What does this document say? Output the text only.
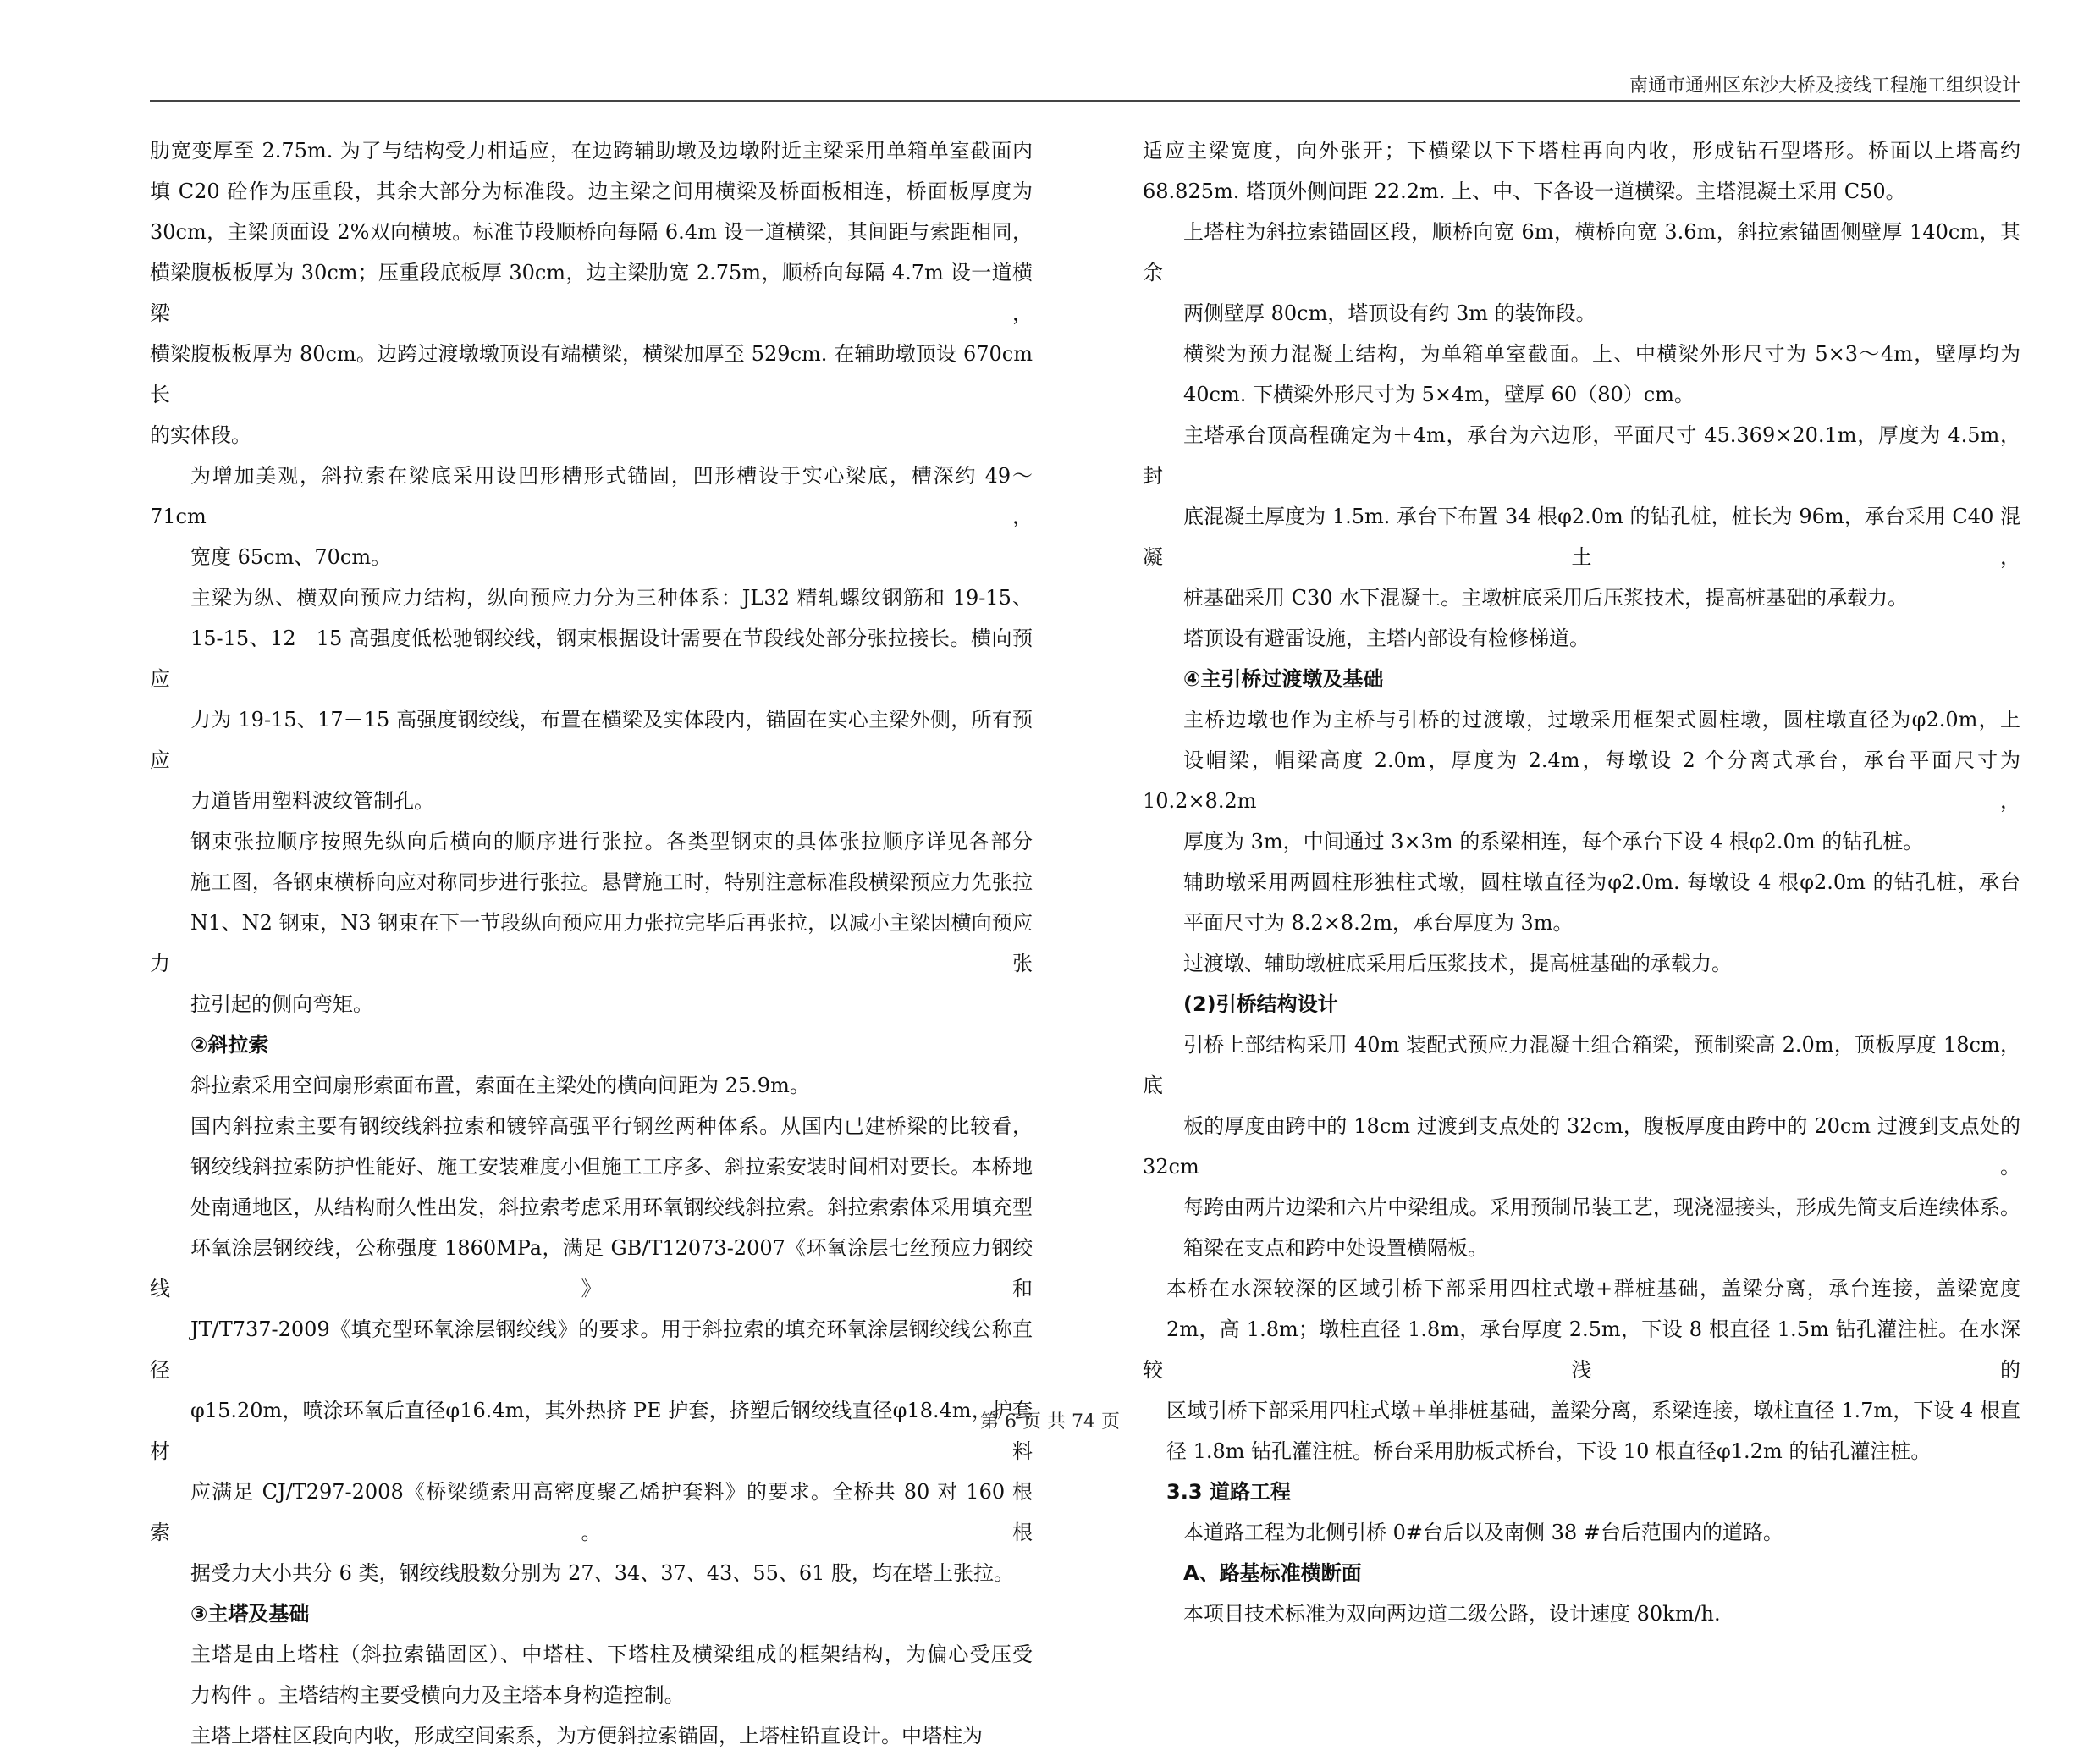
南通市通州区东沙大桥及接线工程施工组织设计
肋宽变厚至 2.75m. 为了与结构受力相适应，在边跨辅助墩及边墩附近主梁采用单箱单室截面内
填 C20 砼作为压重段，其余大部分为标准段。边主梁之间用横梁及桥面板相连，桥面板厚度为
30cm，主梁顶面设 2%双向横坡。标准节段顺桥向每隔 6.4m 设一道横梁，其间距与索距相同，
横梁腹板板厚为 30cm；压重段底板厚 30cm，边主梁肋宽 2.75m，顺桥向每隔 4.7m 设一道横梁，
横梁腹板板厚为 80cm。边跨过渡墩墩顶设有端横梁，横梁加厚至 529cm. 在辅助墩顶设 670cm 长
的实体段。
为增加美观，斜拉索在梁底采用设凹形槽形式锚固，凹形槽设于实心梁底，槽深约 49～71cm，
宽度 65cm、70cm。
主梁为纵、横双向预应力结构，纵向预应力分为三种体系：JL32 精轧螺纹钢筋和 19-15、
15-15、12－15 高强度低松驰钢绞线，钢束根据设计需要在节段线处部分张拉接长。横向预应
力为 19-15、17－15 高强度钢绞线，布置在横梁及实体段内，锚固在实心主梁外侧，所有预应
力道皆用塑料波纹管制孔。
钢束张拉顺序按照先纵向后横向的顺序进行张拉。各类型钢束的具体张拉顺序详见各部分
施工图，各钢束横桥向应对称同步进行张拉。悬臂施工时，特别注意标准段横梁预应力先张拉
N1、N2 钢束，N3 钢束在下一节段纵向预应用力张拉完毕后再张拉，以减小主梁因横向预应力张
拉引起的侧向弯矩。
②斜拉索
斜拉索采用空间扇形索面布置，索面在主梁处的横向间距为 25.9m。
国内斜拉索主要有钢绞线斜拉索和镀锌高强平行钢丝两种体系。从国内已建桥梁的比较看，
钢绞线斜拉索防护性能好、施工安装难度小但施工工序多、斜拉索安装时间相对要长。本桥地
处南通地区，从结构耐久性出发，斜拉索考虑采用环氧钢绞线斜拉索。斜拉索索体采用填充型
环氧涂层钢绞线，公称强度 1860MPa，满足 GB/T12073-2007《环氧涂层七丝预应力钢绞线》和
JT/T737-2009《填充型环氧涂层钢绞线》的要求。用于斜拉索的填充环氧涂层钢绞线公称直径
φ15.20m，喷涂环氧后直径φ16.4m，其外热挤 PE 护套，挤塑后钢绞线直径φ18.4m，护套材料
应满足 CJ/T297-2008《桥梁缆索用高密度聚乙烯护套料》的要求。全桥共 80 对 160 根索。根
据受力大小共分 6 类，钢绞线股数分别为 27、34、37、43、55、61 股，均在塔上张拉。
③主塔及基础
主塔是由上塔柱（斜拉索锚固区）、中塔柱、下塔柱及横梁组成的框架结构，为偏心受压受
力构件 。主塔结构主要受横向力及主塔本身构造控制。
主塔上塔柱区段向内收，形成空间索系，为方便斜拉索锚固，上塔柱铅直设计。中塔柱为
适应主梁宽度，向外张开；下横梁以下下塔柱再向内收，形成钻石型塔形。桥面以上塔高约
68.825m. 塔顶外侧间距 22.2m. 上、中、下各设一道横梁。主塔混凝土采用 C50。
上塔柱为斜拉索锚固区段，顺桥向宽 6m，横桥向宽 3.6m，斜拉索锚固侧壁厚 140cm，其余
两侧壁厚 80cm，塔顶设有约 3m 的装饰段。
横梁为预力混凝土结构，为单箱单室截面。上、中横梁外形尺寸为 5×3～4m，壁厚均为
40cm. 下横梁外形尺寸为 5×4m，壁厚 60（80）cm。
主塔承台顶高程确定为＋4m，承台为六边形，平面尺寸 45.369×20.1m，厚度为 4.5m，封
底混凝土厚度为 1.5m. 承台下布置 34 根φ2.0m 的钻孔桩，桩长为 96m，承台采用 C40 混凝土，
桩基础采用 C30 水下混凝土。主墩桩底采用后压浆技术，提高桩基础的承载力。
塔顶设有避雷设施，主塔内部设有检修梯道。
④主引桥过渡墩及基础
主桥边墩也作为主桥与引桥的过渡墩，过墩采用框架式圆柱墩，圆柱墩直径为φ2.0m，上
设帽梁，帽梁高度 2.0m，厚度为 2.4m，每墩设 2 个分离式承台，承台平面尺寸为 10.2×8.2m，
厚度为 3m，中间通过 3×3m 的系梁相连，每个承台下设 4 根φ2.0m 的钻孔桩。
辅助墩采用两圆柱形独柱式墩，圆柱墩直径为φ2.0m. 每墩设 4 根φ2.0m 的钻孔桩，承台
平面尺寸为 8.2×8.2m，承台厚度为 3m。
过渡墩、辅助墩桩底采用后压浆技术，提高桩基础的承载力。
(2)引桥结构设计
引桥上部结构采用 40m 装配式预应力混凝土组合箱梁，预制梁高 2.0m，顶板厚度 18cm，底
板的厚度由跨中的 18cm 过渡到支点处的 32cm，腹板厚度由跨中的 20cm 过渡到支点处的 32cm。
每跨由两片边梁和六片中梁组成。采用预制吊装工艺，现浇湿接头，形成先简支后连续体系。
箱梁在支点和跨中处设置横隔板。
本桥在水深较深的区域引桥下部采用四柱式墩+群桩基础，盖梁分离，承台连接，盖梁宽度
2m，高 1.8m；墩柱直径 1.8m，承台厚度 2.5m，下设 8 根直径 1.5m 钻孔灌注桩。在水深较浅的
区域引桥下部采用四柱式墩+单排桩基础，盖梁分离，系梁连接，墩柱直径 1.7m，下设 4 根直
径 1.8m 钻孔灌注桩。桥台采用肋板式桥台，下设 10 根直径φ1.2m 的钻孔灌注桩。
3.3 道路工程
本道路工程为北侧引桥 0#台后以及南侧 38 #台后范围内的道路。
A、路基标准横断面
本项目技术标准为双向两边道二级公路，设计速度 80km/h.
第 6 页 共 74 页
